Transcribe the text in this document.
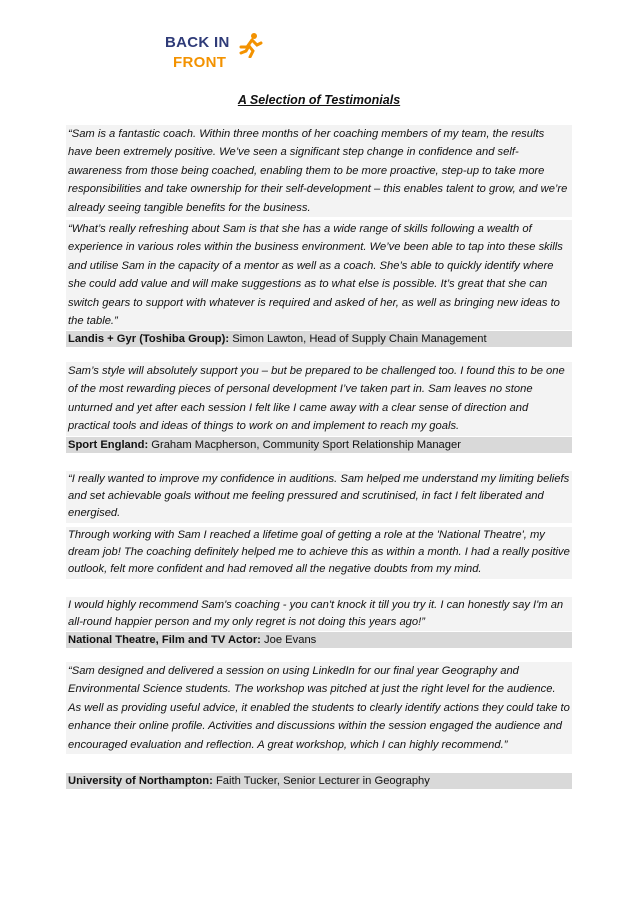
BACK IN
FRONT
A Selection of Testimonials
“Sam is a fantastic coach. Within three months of her coaching members of my team, the results have been extremely positive. We’ve seen a significant step change in confidence and self-awareness from those being coached, enabling them to be more proactive, step-up to take more responsibilities and take ownership for their self-development – this enables talent to grow, and we’re already seeing tangible benefits for the business.
“What’s really refreshing about Sam is that she has a wide range of skills following a wealth of experience in various roles within the business environment. We’ve been able to tap into these skills and utilise Sam in the capacity of a mentor as well as a coach. She’s able to quickly identify where she could add value and will make suggestions as to what else is possible. It’s great that she can switch gears to support with whatever is required and asked of her, as well as bringing new ideas to the table.”
Landis + Gyr (Toshiba Group): Simon Lawton, Head of Supply Chain Management
Sam’s style will absolutely support you – but be prepared to be challenged too. I found this to be one of the most rewarding pieces of personal development I’ve taken part in. Sam leaves no stone unturned and yet after each session I felt like I came away with a clear sense of direction and practical tools and ideas of things to work on and implement to reach my goals.
Sport England: Graham Macpherson, Community Sport Relationship Manager
“I really wanted to improve my confidence in auditions. Sam helped me understand my limiting beliefs and set achievable goals without me feeling pressured and scrutinised, in fact I felt liberated and energised.
Through working with Sam I reached a lifetime goal of getting a role at the 'National Theatre', my dream job! The coaching definitely helped me to achieve this as within a month. I had a really positive outlook, felt more confident and had removed all the negative doubts from my mind.
I would highly recommend Sam's coaching - you can't knock it till you try it. I can honestly say I'm an all-round happier person and my only regret is not doing this years ago!”
National Theatre, Film and TV Actor: Joe Evans
“Sam designed and delivered a session on using LinkedIn for our final year Geography and Environmental Science students. The workshop was pitched at just the right level for the audience. As well as providing useful advice, it enabled the students to clearly identify actions they could take to enhance their online profile. Activities and discussions within the session engaged the audience and encouraged evaluation and reflection. A great workshop, which I can highly recommend.”
University of Northampton: Faith Tucker, Senior Lecturer in Geography
